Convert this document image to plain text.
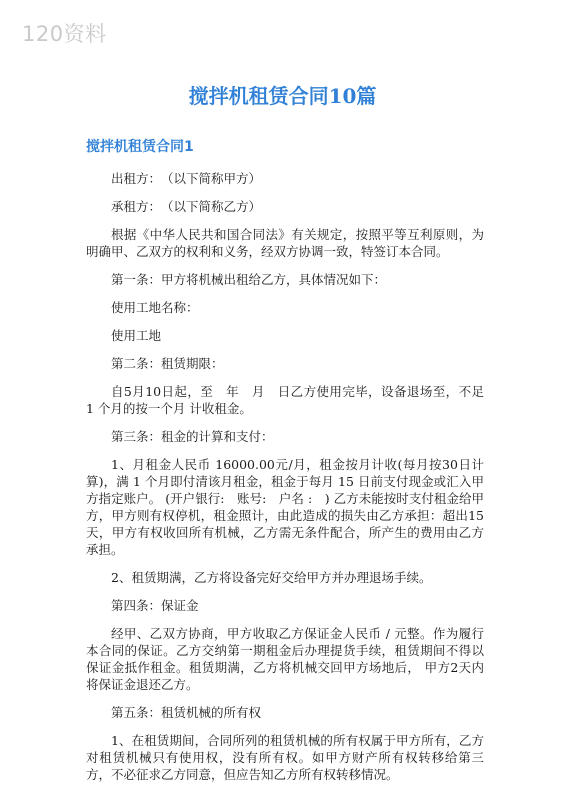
120资料
搅拌机租赁合同10篇
搅拌机租赁合同1

出租方：　（以下简称甲方）

承租方：　（以下简称乙方）

根据《中华人民共和国合同法》有关规定，按照平等互利原则，为明确甲、乙双方的权利和义务，经双方协调一致，特签订本合同。

第一条：甲方将机械出租给乙方，具体情况如下：

使用工地名称：

使用工地

第二条：租赁期限：

自5月10日起，至　年　月　日乙方使用完毕，设备退场至，不足 1 个月的按一个月 计收租金。

第三条：租金的计算和支付：

1、月租金人民币 16000.00元/月，租金按月计收(每月按30日计算)，满 1 个月即付清该月租金，租金于每月 15 日前支付现金或汇入甲方指定账户。 (开户银行:　账号:　户名 :　) 乙方未能按时支付租金给甲方，甲方则有权停机，租金照计，由此造成的损失由乙方承担：超出15天，甲方有权收回所有机械，乙方需无条件配合，所产生的费用由乙方承担。

2、租赁期满，乙方将设备完好交给甲方并办理退场手续。

第四条：保证金

经甲、乙双方协商，甲方收取乙方保证金人民币 / 元整。作为履行本合同的保证。乙方交纳第一期租金后办理提货手续，租赁期间不得以保证金抵作租金。租赁期满，乙方将机械交回甲方场地后， 甲方2天内将保证金退还乙方。

第五条：租赁机械的所有权

1、在租赁期间，合同所列的租赁机械的所有权属于甲方所有，乙方对租赁机械只有使用权，没有所有权。如甲方财产所有权转移给第三方，不必征求乙方同意，但应告知乙方所有权转移情况。
